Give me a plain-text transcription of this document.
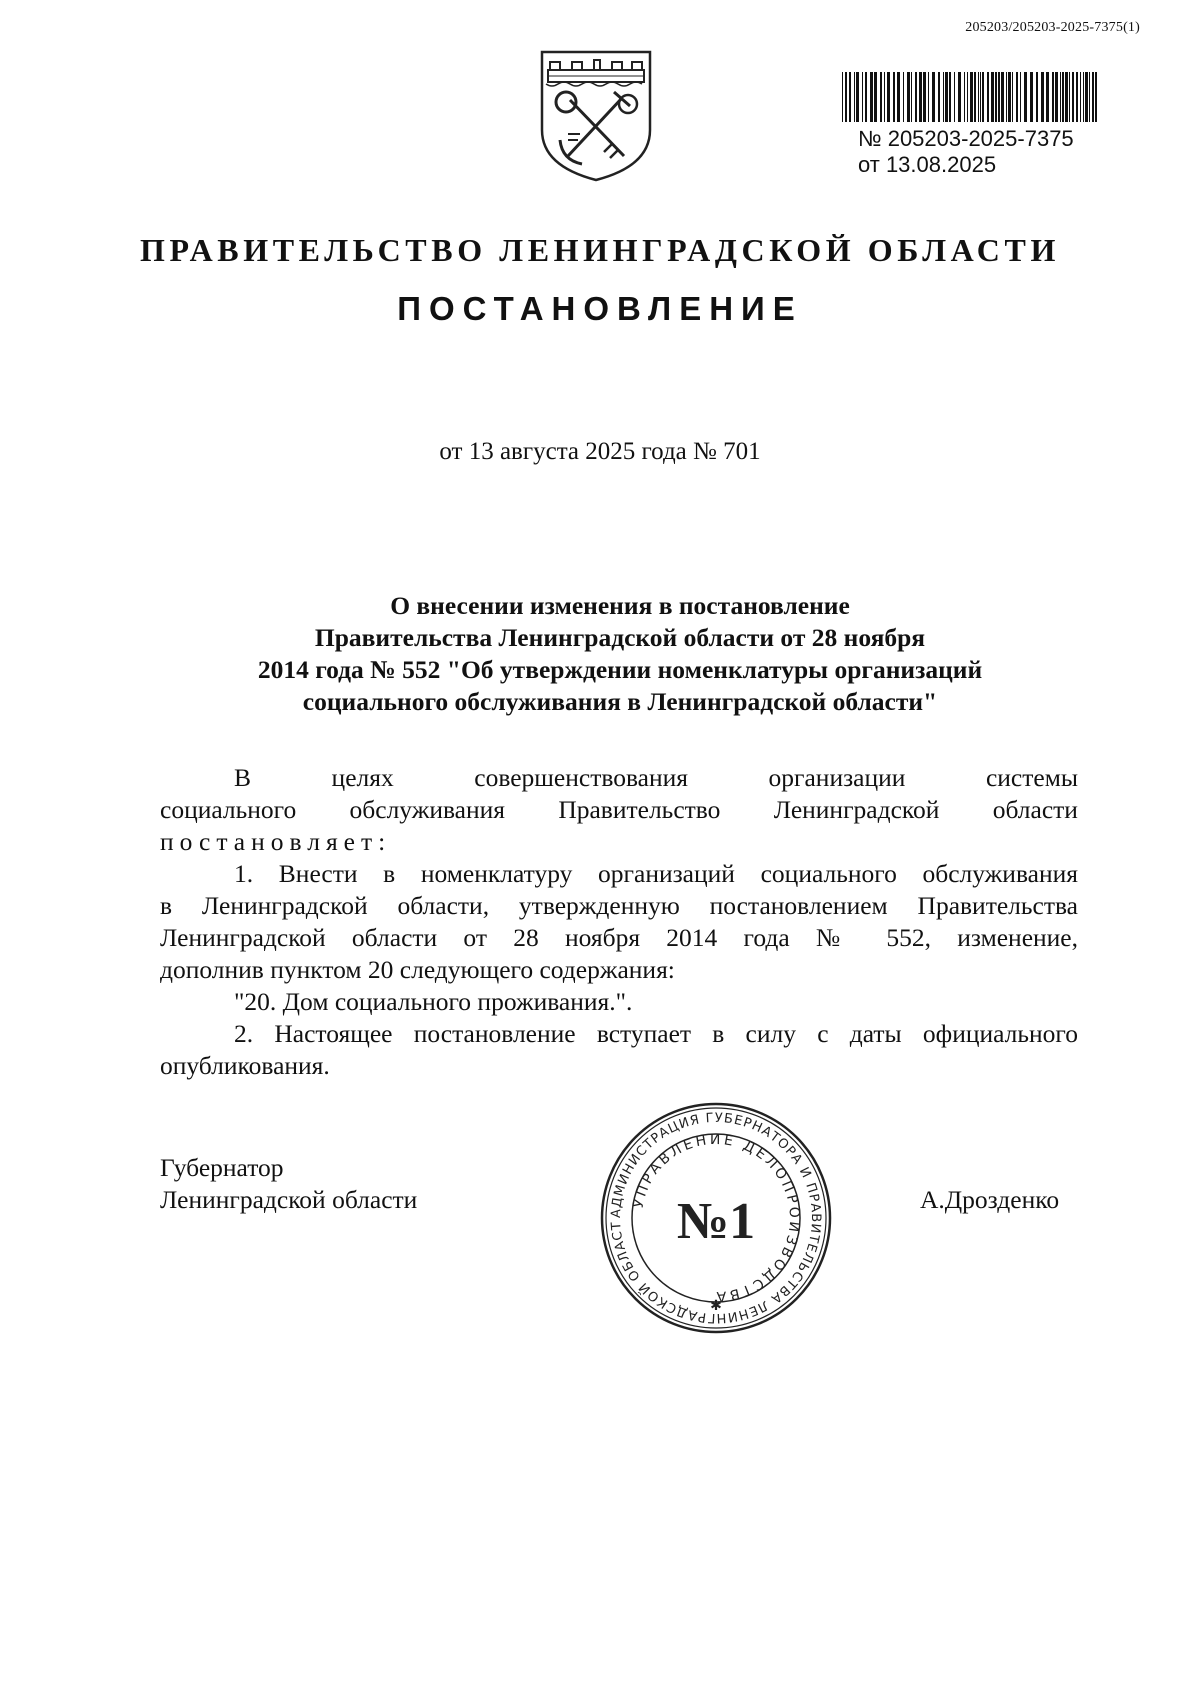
205203/205203-2025-7375(1)
№ 205203-2025-7375
от 13.08.2025
ПРАВИТЕЛЬСТВО ЛЕНИНГРАДСКОЙ ОБЛАСТИ
ПОСТАНОВЛЕНИЕ
от 13 августа 2025 года № 701
О внесении изменения в постановление
Правительства Ленинградской области от 28 ноября
2014 года № 552 "Об утверждении номенклатуры организаций
социального обслуживания в Ленинградской области"
В	целях	совершенствования	организации	системы
социального обслуживания Правительство Ленинградской области
постановляет:
1. Внести в номенклатуру организаций социального обслуживания
в Ленинградской области, утвержденную постановлением Правительства
Ленинградской области от 28 ноября 2014 года № 552, изменение,
дополнив пунктом 20 следующего содержания:
"20. Дом социального проживания.".
2. Настоящее постановление вступает в силу с даты официального
опубликования.
Губернатор
Ленинградской области	А.Дрозденко
АДМИНИСТРАЦИЯ ГУБЕРНАТОРА И ПРАВИТЕЛЬСТВА ЛЕНИНГРАДСКОЙ ОБЛАСТ
УПРАВЛЕНИЕ ДЕЛОПРОИЗВОДСТВА
№1
✱
